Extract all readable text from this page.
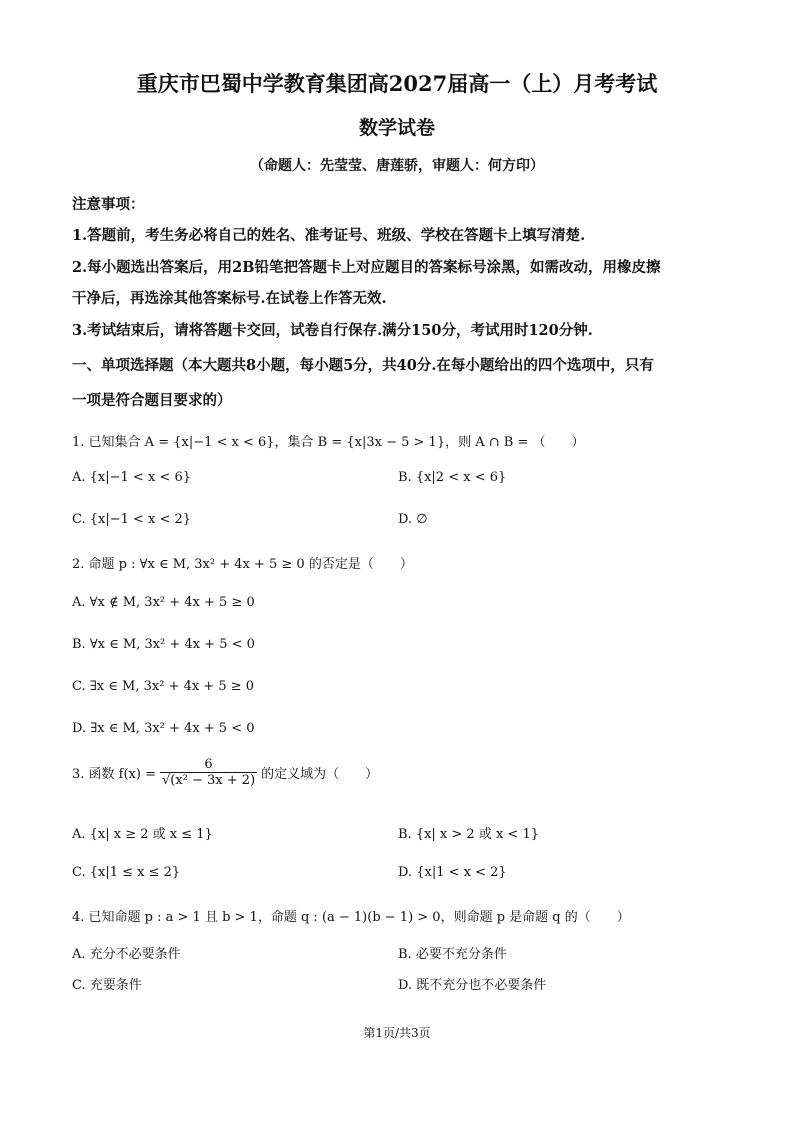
重庆市巴蜀中学教育集团高2027届高一（上）月考考试
数学试卷
（命题人：先莹莹、唐莲骄，审题人：何方印）
注意事项：
1.答题前，考生务必将自己的姓名、准考证号、班级、学校在答题卡上填写清楚.
2.每小题选出答案后，用2B铅笔把答题卡上对应题目的答案标号涂黑，如需改动，用橡皮擦
干净后，再选涂其他答案标号.在试卷上作答无效.
3.考试结束后，请将答题卡交回，试卷自行保存.满分150分，考试用时120分钟.
一、单项选择题（本大题共8小题，每小题5分，共40分.在每小题给出的四个选项中，只有
一项是符合题目要求的）
1. 已知集合 A = {x|−1 < x < 6}，集合 B = {x|3x − 5 > 1}，则 A ∩ B = （　　）
A. {x|−1 < x < 6}	B. {x|2 < x < 6}
C. {x|−1 < x < 2}	D. ∅
2. 命题 p : ∀x ∈ M, 3x² + 4x + 5 ≥ 0 的否定是（　　）
A. ∀x ∉ M, 3x² + 4x + 5 ≥ 0
B. ∀x ∈ M, 3x² + 4x + 5 < 0
C. ∃x ∈ M, 3x² + 4x + 5 ≥ 0
D. ∃x ∈ M, 3x² + 4x + 5 < 0
3. 函数 $f(x) = \frac{6}{\text{√(x² − 3x + 2)}}$ 的定义域为（　　）
A. {x| x ≥ 2 或 x ≤ 1}	B. {x| x > 2 或 x < 1}
C. {x|1 ≤ x ≤ 2}	D. {x|1 < x < 2}
4. 已知命题 p : a > 1 且 b > 1，命题 q : (a − 1)(b − 1) > 0，则命题 p 是命题 q 的（　　）
A. 充分不必要条件	B. 必要不充分条件
C. 充要条件	D. 既不充分也不必要条件
第1页/共3页
